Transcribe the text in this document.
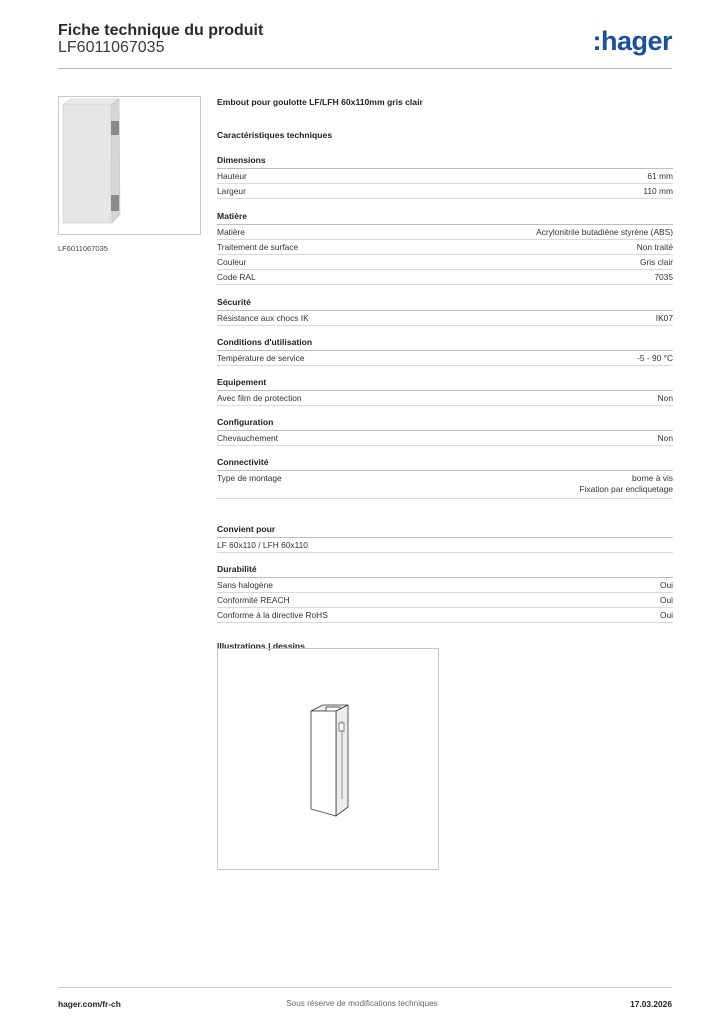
Fiche technique du produit
LF6011067035	:hager
LF6011067035
Embout pour goulotte LF/LFH 60x110mm gris clair
Caractéristiques techniques
Dimensions
Hauteur	61 mm
Largeur	110 mm
Matière
Matière	Acrylonitrile butadiène styrène (ABS)
Traitement de surface	Non traité
Couleur	Gris clair
Code RAL	7035
Sécurité
Résistance aux chocs IK	IK07
Conditions d'utilisation
Température de service	-5 - 90 °C
Equipement
Avec film de protection	Non
Configuration
Chevauchement	Non
Connectivité
Type de montage	borne à vis
Fixation par encliquetage
Convient pour
LF 60x110 / LFH 60x110
Durabilité
Sans halogène	Oui
Conformité REACH	Oui
Conforme à la directive RoHS	Oui
Illustrations | dessins
hager.com/fr-ch	Sous réserve de modifications techniques	17.03.2026
